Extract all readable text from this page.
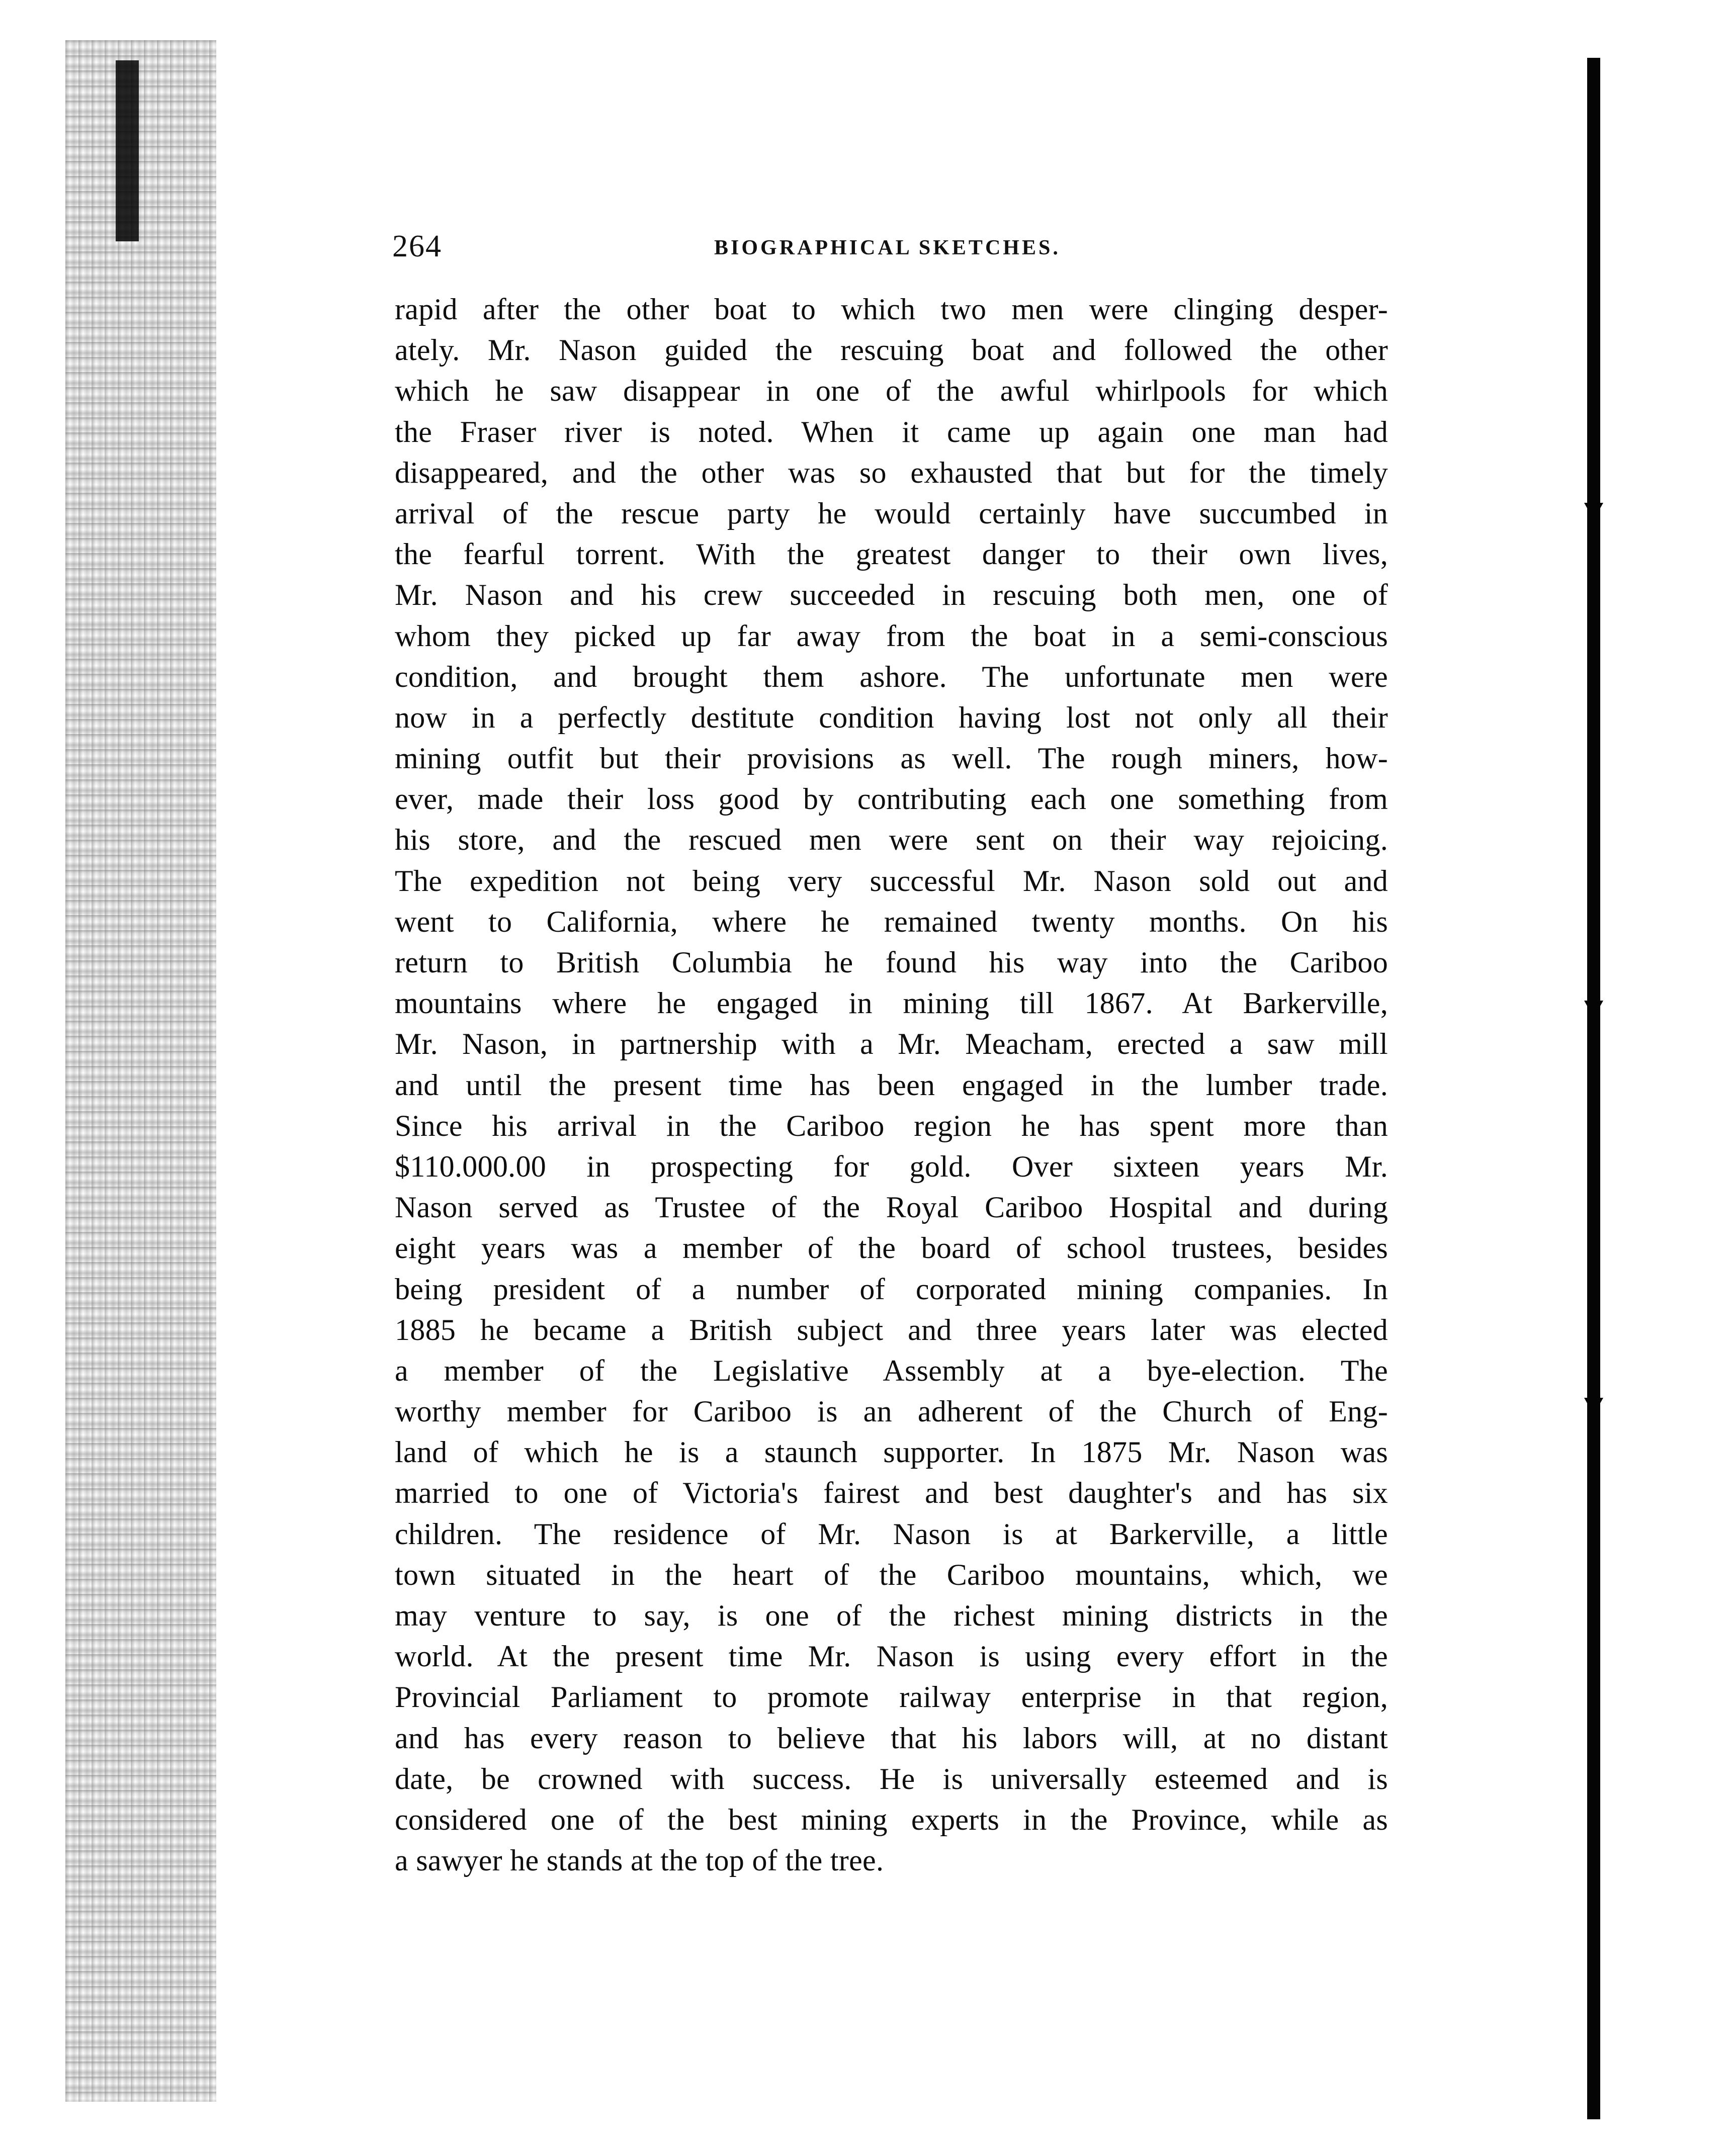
264	BIOGRAPHICAL SKETCHES.
rapid after the other boat to which two men were clinging desper-
ately. Mr. Nason guided the rescuing boat and followed the other
which he saw disappear in one of the awful whirlpools for which
the Fraser river is noted. When it came up again one man had
disappeared, and the other was so exhausted that but for the timely
arrival of the rescue party he would certainly have succumbed in
the fearful torrent. With the greatest danger to their own lives,
Mr. Nason and his crew succeeded in rescuing both men, one of
whom they picked up far away from the boat in a semi-conscious
condition, and brought them ashore. The unfortunate men were
now in a perfectly destitute condition having lost not only all their
mining outfit but their provisions as well. The rough miners, how-
ever, made their loss good by contributing each one something from
his store, and the rescued men were sent on their way rejoicing.
The expedition not being very successful Mr. Nason sold out and
went to California, where he remained twenty months. On his
return to British Columbia he found his way into the Cariboo
mountains where he engaged in mining till 1867. At Barkerville,
Mr. Nason, in partnership with a Mr. Meacham, erected a saw mill
and until the present time has been engaged in the lumber trade.
Since his arrival in the Cariboo region he has spent more than
$110.000.00 in prospecting for gold. Over sixteen years Mr.
Nason served as Trustee of the Royal Cariboo Hospital and during
eight years was a member of the board of school trustees, besides
being president of a number of corporated mining companies. In
1885 he became a British subject and three years later was elected
a member of the Legislative Assembly at a bye-election. The
worthy member for Cariboo is an adherent of the Church of Eng-
land of which he is a staunch supporter. In 1875 Mr. Nason was
married to one of Victoria's fairest and best daughter's and has six
children. The residence of Mr. Nason is at Barkerville, a little
town situated in the heart of the Cariboo mountains, which, we
may venture to say, is one of the richest mining districts in the
world. At the present time Mr. Nason is using every effort in the
Provincial Parliament to promote railway enterprise in that region,
and has every reason to believe that his labors will, at no distant
date, be crowned with success. He is universally esteemed and is
considered one of the best mining experts in the Province, while as
a sawyer he stands at the top of the tree.
